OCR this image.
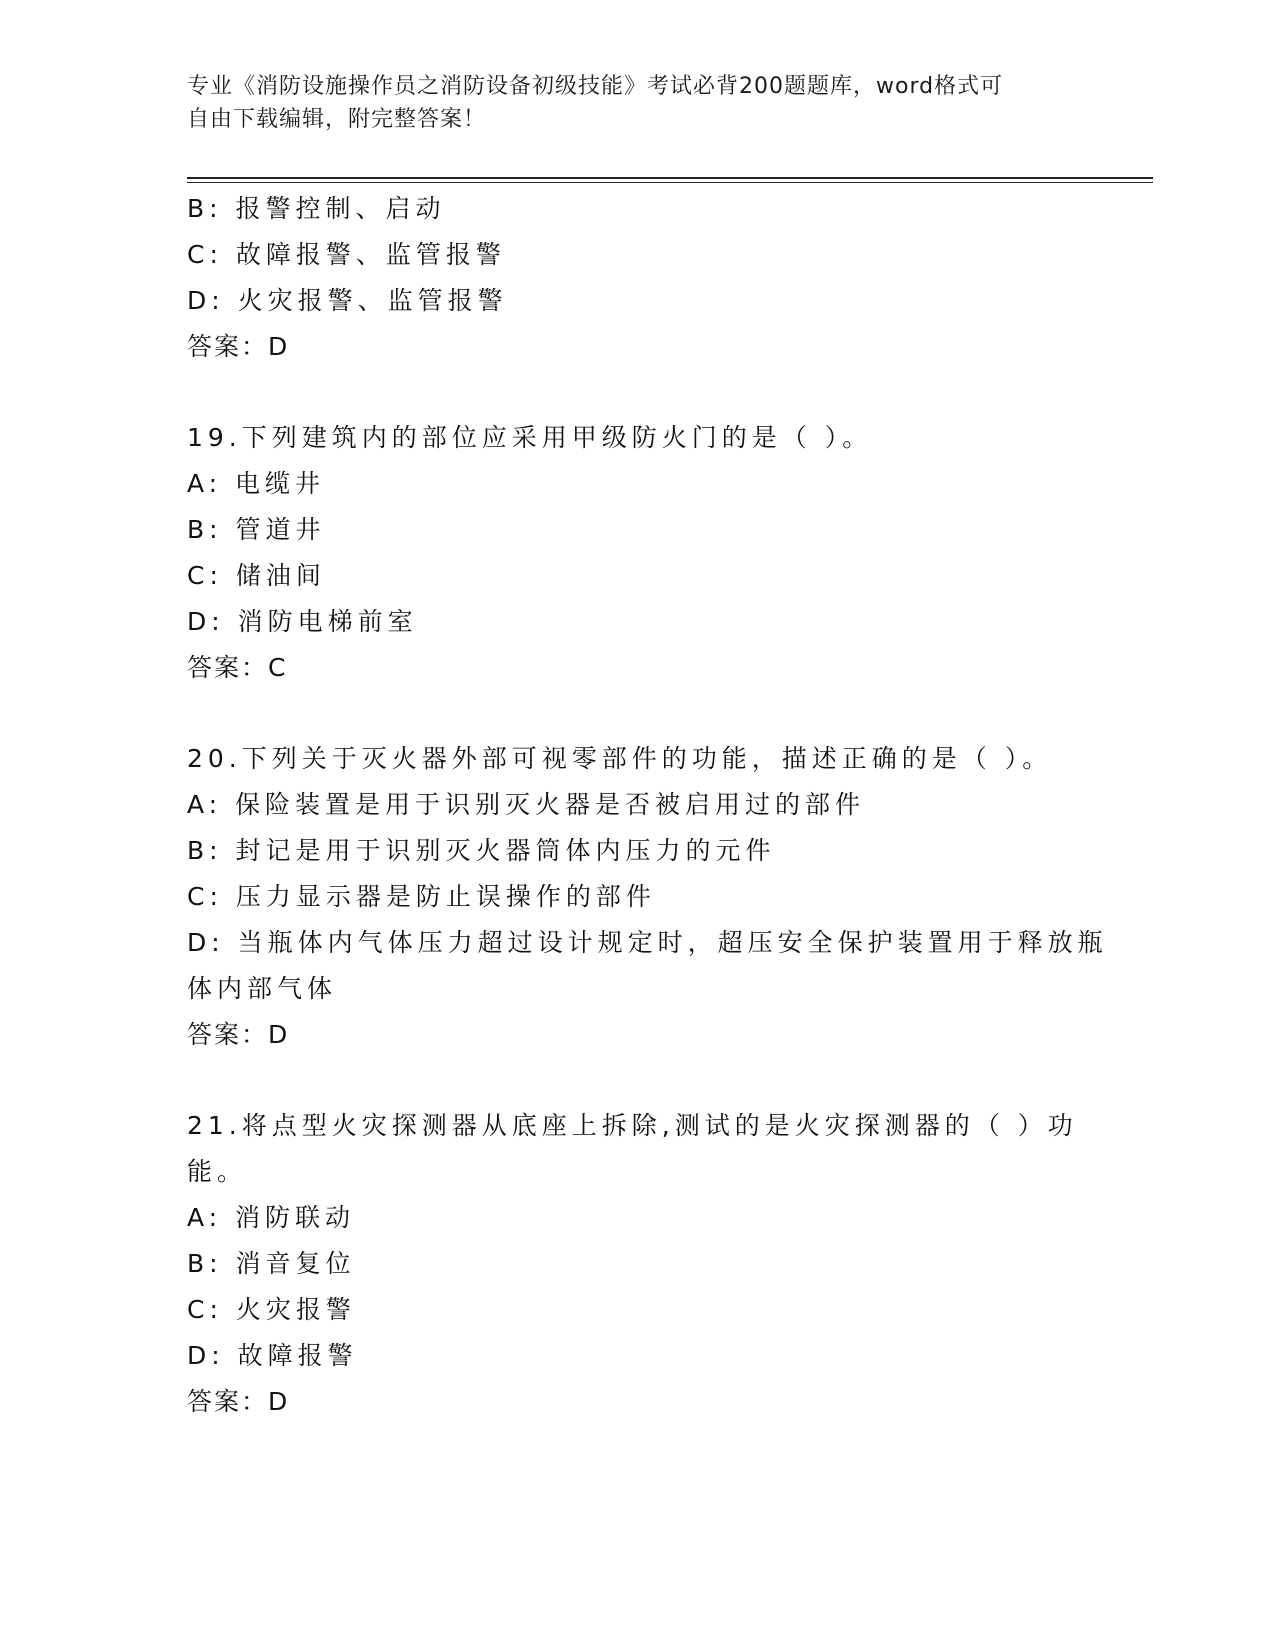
专业《消防设施操作员之消防设备初级技能》考试必背200题题库，word格式可
自由下载编辑，附完整答案！
B: 报警控制、启动
C: 故障报警、监管报警
D: 火灾报警、监管报警
答案：D
19.下列建筑内的部位应采用甲级防火门的是（ ）。
A: 电缆井
B: 管道井
C: 储油间
D: 消防电梯前室
答案：C
20.下列关于灭火器外部可视零部件的功能，描述正确的是（ ）。
A: 保险装置是用于识别灭火器是否被启用过的部件
B: 封记是用于识别灭火器筒体内压力的元件
C: 压力显示器是防止误操作的部件
D: 当瓶体内气体压力超过设计规定时，超压安全保护装置用于释放瓶
体内部气体
答案：D
21.将点型火灾探测器从底座上拆除,测试的是火灾探测器的（ ）功
能。
A: 消防联动
B: 消音复位
C: 火灾报警
D: 故障报警
答案：D
